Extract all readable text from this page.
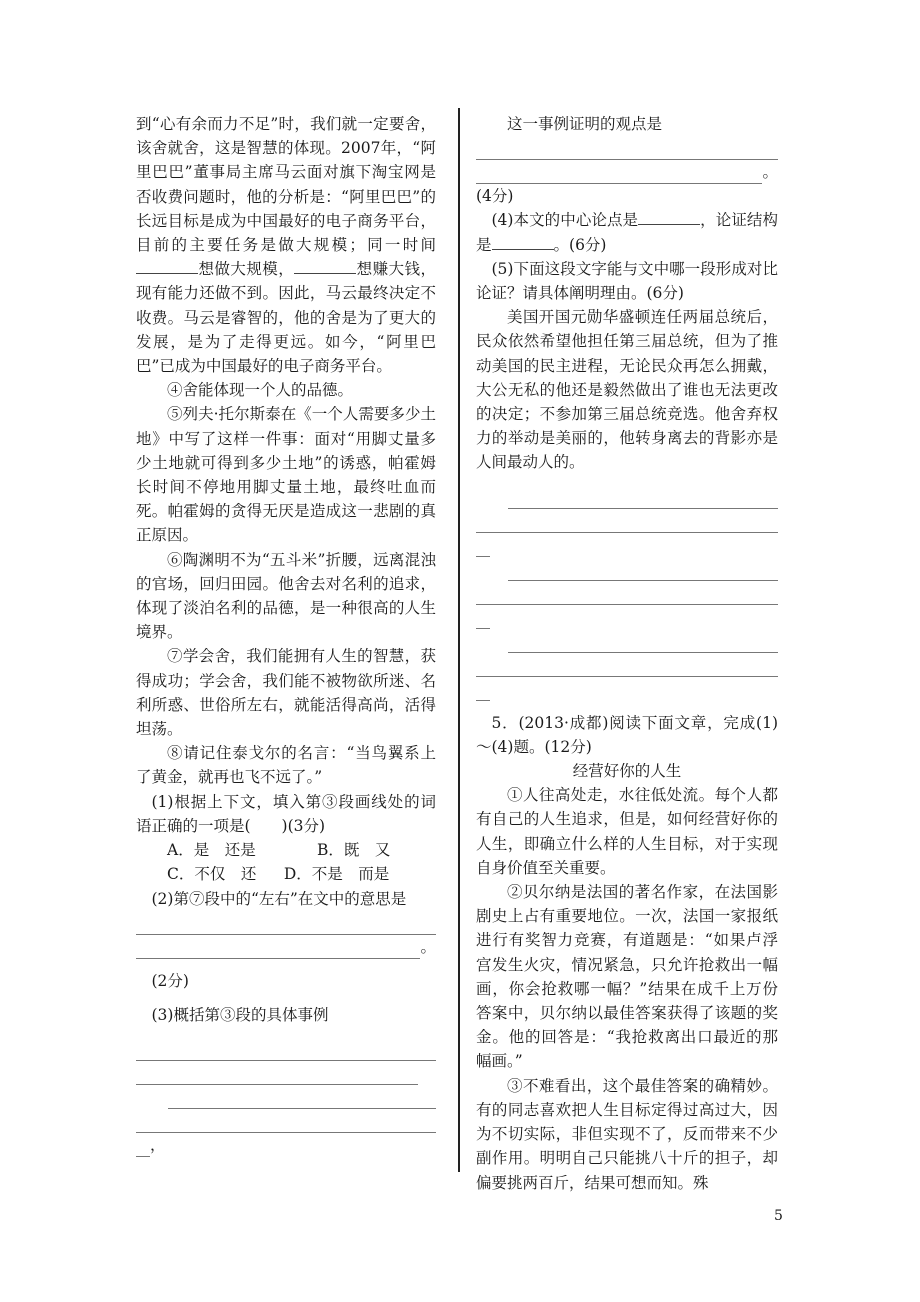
到“心有余而力不足”时，我们就一定要舍，该舍就舍，这是智慧的体现。2007年，“阿里巴巴”董事局主席马云面对旗下淘宝网是否收费问题时，他的分析是：“阿里巴巴”的长远目标是成为中国最好的电子商务平台，目前的主要任务是做大规模；同一时间想做大规模，	想赚大钱，现有能力还做不到。因此，马云最终决定不收费。马云是睿智的，他的舍是为了更大的发展，是为了走得更远。如今，“阿里巴巴”已成为中国最好的电子商务平台。

④舍能体现一个人的品德。

⑤列夫·托尔斯泰在《一个人需要多少土地》中写了这样一件事：面对“用脚丈量多少土地就可得到多少土地”的诱惑，帕霍姆长时间不停地用脚丈量土地，最终吐血而死。帕霍姆的贪得无厌是造成这一悲剧的真正原因。

⑥陶渊明不为“五斗米”折腰，远离混浊的官场，回归田园。他舍去对名利的追求，体现了淡泊名利的品德，是一种很高的人生境界。

⑦学会舍，我们能拥有人生的智慧，获得成功；学会舍，我们能不被物欲所迷、名利所惑、世俗所左右，就能活得高尚，活得坦荡。

⑧请记住泰戈尔的名言：“当鸟翼系上了黄金，就再也飞不远了。”

(1)根据上下文，填入第③段画线处的词语正确的一项是(　　)(3分)

A．是　还是	B．既　又

C．不仅　还 D．不是　而是

(2)第⑦段中的“左右”在文中的意思是

。

(2分)

(3)概括第③段的具体事例

，

这一事例证明的观点是

。

(4分)

(4)本文的中心论点是	，论证结构是	。(6分)

(5)下面这段文字能与文中哪一段形成对比论证？请具体阐明理由。(6分)

美国开国元勋华盛顿连任两届总统后，民众依然希望他担任第三届总统，但为了推动美国的民主进程，无论民众再怎么拥戴，大公无私的他还是毅然做出了谁也无法更改的决定；不参加第三届总统竞选。他舍弃权力的举动是美丽的，他转身离去的背影亦是人间最动人的。

5．(2013·成都)阅读下面文章，完成(1)～(4)题。(12分)

经营好你的人生

①人往高处走，水往低处流。每个人都有自己的人生追求，但是，如何经营好你的人生，即确立什么样的人生目标，对于实现自身价值至关重要。

②贝尔纳是法国的著名作家，在法国影剧史上占有重要地位。一次，法国一家报纸进行有奖智力竞赛，有道题是：“如果卢浮宫发生火灾，情况紧急，只允许抢救出一幅画，你会抢救哪一幅？”结果在成千上万份答案中，贝尔纳以最佳答案获得了该题的奖金。他的回答是：“我抢救离出口最近的那幅画。”

③不难看出，这个最佳答案的确精妙。有的同志喜欢把人生目标定得过高过大，因为不切实际，非但实现不了，反而带来不少副作用。明明自己只能挑八十斤的担子，却偏要挑两百斤，结果可想而知。殊

5
